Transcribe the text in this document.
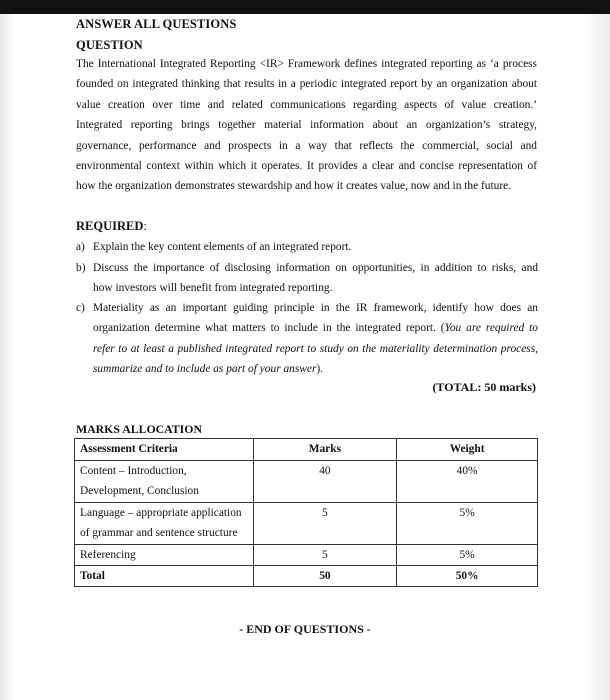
ANSWER ALL QUESTIONS
QUESTION
The International Integrated Reporting <IR> Framework defines integrated reporting as ‘a process
founded on integrated thinking that results in a periodic integrated report by an organization about
value creation over time and related communications regarding aspects of value creation.’
Integrated reporting brings together material information about an organization’s strategy,
governance, performance and prospects in a way that reflects the commercial, social and
environmental context within which it operates. It provides a clear and concise representation of
how the organization demonstrates stewardship and how it creates value, now and in the future.
REQUIRED:
a) Explain the key content elements of an integrated report.
b) Discuss the importance of disclosing information on opportunities, in addition to risks, and
how investors will benefit from integrated reporting.
c) Materiality as an important guiding principle in the IR framework, identify how does an
organization determine what matters to include in the integrated report. (You are required to
refer to at least a published integrated report to study on the materiality determination process,
summarize and to include as part of your answer).
(TOTAL: 50 marks)
MARKS ALLOCATION
Assessment Criteria	Marks	Weight

Content – Introduction,
Development, Conclusion	40	40%

Language – appropriate application
of grammar and sentence structure	5	5%
Referencing	5	5%
Total	50	50%
- END OF QUESTIONS -
